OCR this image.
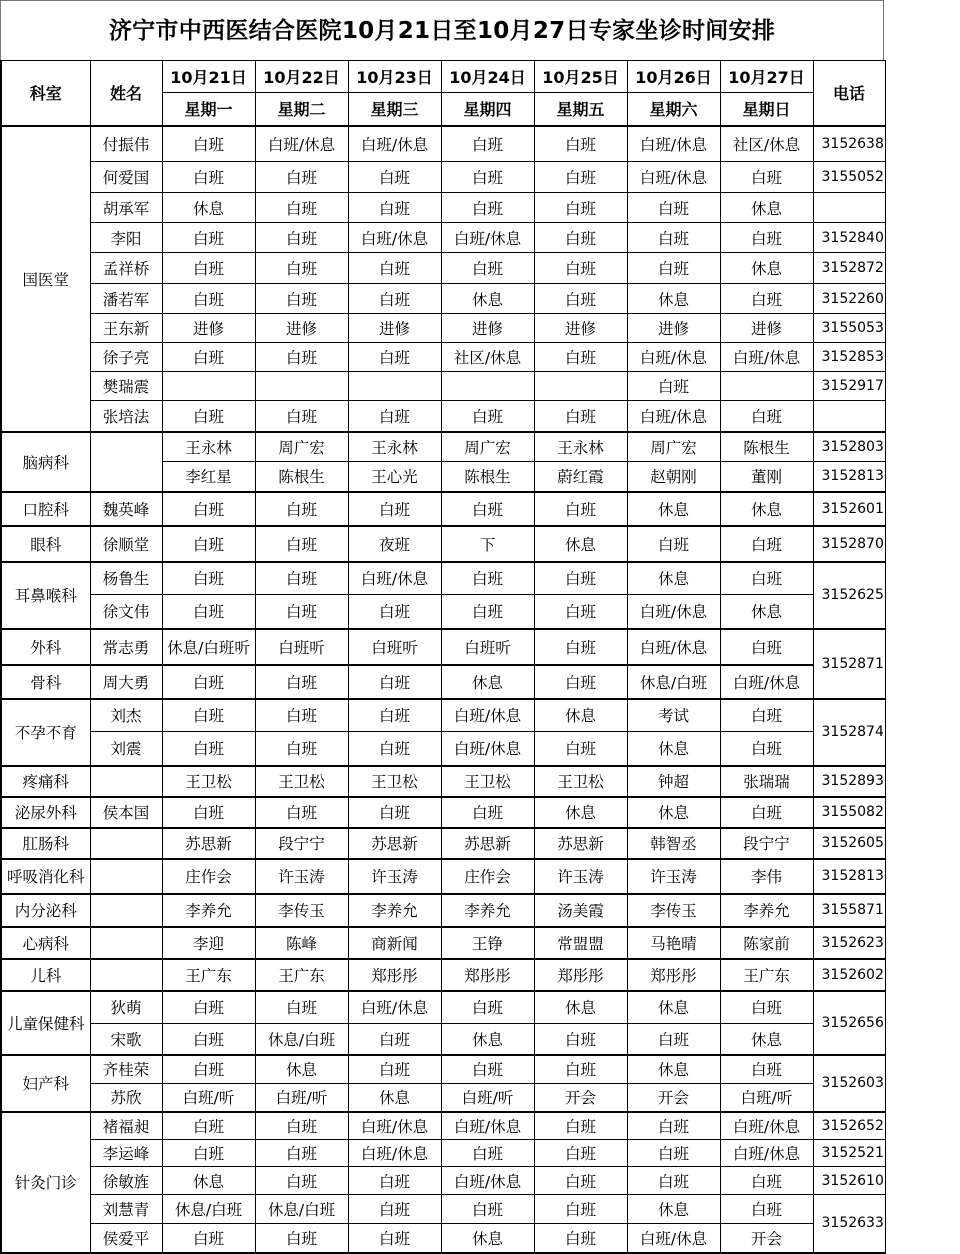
济宁市中西医结合医院10月21日至10月27日专家坐诊时间安排
科室	姓名	10月21日	10月22日	10月23日	10月24日	10月25日	10月26日	10月27日	电话
		星期一	星期二	星期三	星期四	星期五	星期六	星期日	
国医堂	付振伟	白班	白班/休息	白班/休息	白班	白班	白班/休息	社区/休息	3152638
	何爱国	白班	白班	白班	白班	白班	白班/休息	白班	3155052
	胡承军	休息	白班	白班	白班	白班	白班	休息	
	李阳	白班	白班	白班/休息	白班/休息	白班	白班	白班	3152840
	孟祥桥	白班	白班	白班	白班	白班	白班	休息	3152872
	潘若军	白班	白班	白班	休息	白班	休息	白班	3152260
	王东新	进修	进修	进修	进修	进修	进修	进修	3155053
	徐子亮	白班	白班	白班	社区/休息	白班	白班/休息	白班/休息	3152853
	樊瑞震						白班		3152917
	张培法	白班	白班	白班	白班	白班	白班/休息	白班	
脑病科		王永林	周广宏	王永林	周广宏	王永林	周广宏	陈根生	3152803
		李红星	陈根生	王心光	陈根生	蔚红霞	赵朝刚	董刚	3152813
口腔科	魏英峰	白班	白班	白班	白班	白班	休息	休息	3152601
眼科	徐顺堂	白班	白班	夜班	下	休息	白班	白班	3152870
耳鼻喉科	杨鲁生	白班	白班	白班/休息	白班	白班	休息	白班	3152625
	徐文伟	白班	白班	白班	白班	白班	白班/休息	休息	
外科	常志勇	休息/白班听	白班听	白班听	白班听	白班	白班/休息	白班	3152871
骨科	周大勇	白班	白班	白班	休息	白班	休息/白班	白班/休息	
不孕不育	刘杰	白班	白班	白班	白班/休息	休息	考试	白班	3152874
	刘震	白班	白班	白班	白班/休息	白班	休息	白班	
疼痛科		王卫松	王卫松	王卫松	王卫松	王卫松	钟超	张瑞瑞	3152893
泌尿外科	侯本国	白班	白班	白班	白班	休息	休息	白班	3155082
肛肠科		苏思新	段宁宁	苏思新	苏思新	苏思新	韩智丞	段宁宁	3152605
呼吸消化科		庄作会	许玉涛	许玉涛	庄作会	许玉涛	许玉涛	李伟	3152813
内分泌科		李养允	李传玉	李养允	李养允	汤美霞	李传玉	李养允	3155871
心病科		李迎	陈峰	商新闻	王铮	常盟盟	马艳晴	陈家前	3152623
儿科		王广东	王广东	郑彤彤	郑彤彤	郑彤彤	郑彤彤	王广东	3152602
儿童保健科	狄萌	白班	白班	白班/休息	白班	休息	休息	白班	3152656
	宋歌	白班	休息/白班	白班	休息	白班	白班	休息	
妇产科	齐桂荣	白班	休息	白班	白班	白班	休息	白班	3152603
	苏欣	白班/听	白班/听	休息	白班/听	开会	开会	白班/听	
针灸门诊	褚福昶	白班	白班	白班/休息	白班/休息	白班	白班	白班/休息	3152652
	李运峰	白班	白班	白班/休息	白班	白班	白班	白班/休息	3152521
	徐敏旌	休息	白班	白班	白班/休息	白班	白班	白班	3152610
	刘慧青	休息/白班	休息/白班	白班	白班	白班	休息	白班	3152633
	侯爱平	白班	白班	白班	休息	白班	白班/休息	开会	
